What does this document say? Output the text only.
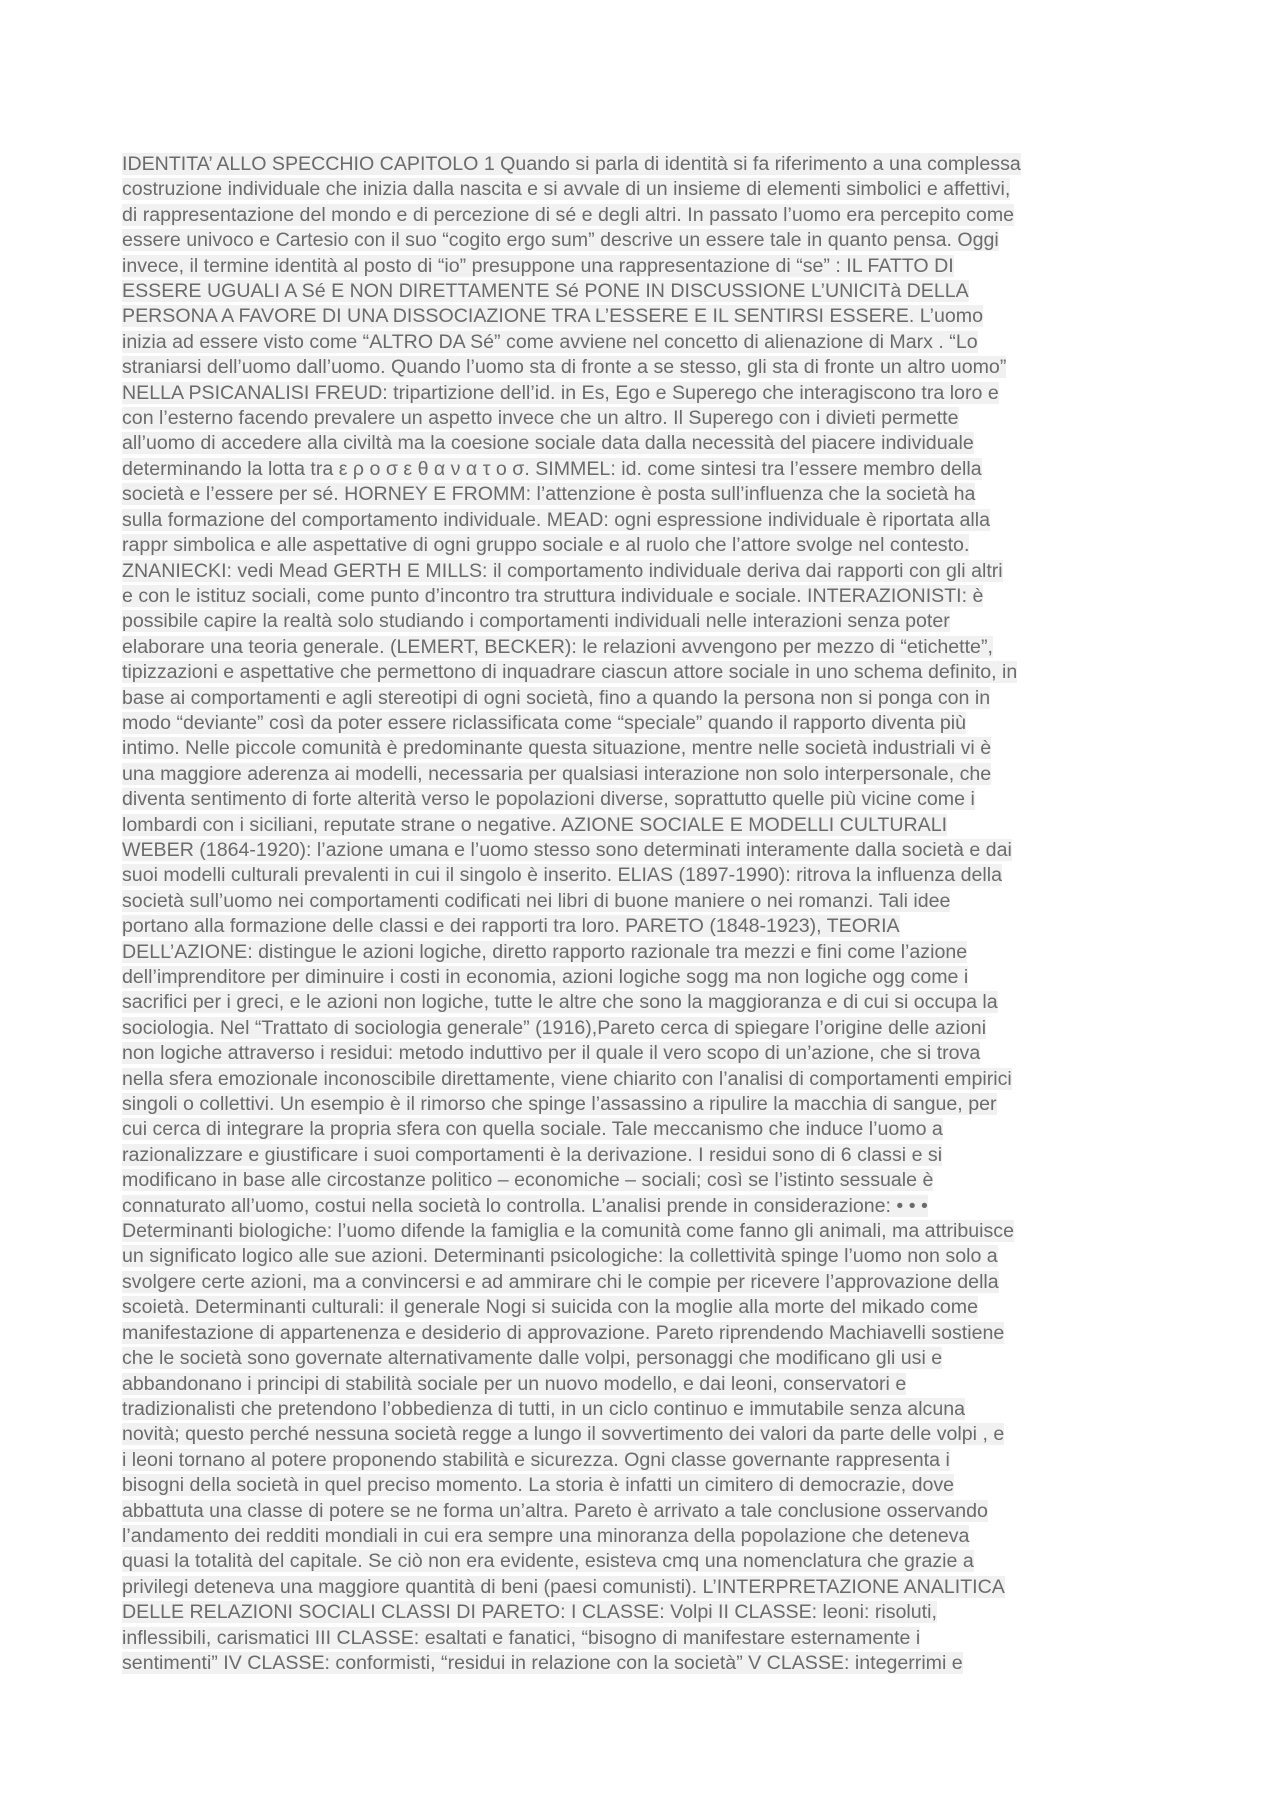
IDENTITA’ ALLO SPECCHIO CAPITOLO 1 Quando si parla di identità si fa riferimento a una complessa
costruzione individuale che inizia dalla nascita e si avvale di un insieme di elementi simbolici e affettivi,
di rappresentazione del mondo e di percezione di sé e degli altri. In passato l’uomo era percepito come
essere univoco e Cartesio con il suo “cogito ergo sum” descrive un essere tale in quanto pensa. Oggi
invece, il termine identità al posto di “io” presuppone una rappresentazione di “se” : IL FATTO DI
ESSERE UGUALI A Sé E NON DIRETTAMENTE Sé PONE IN DISCUSSIONE L’UNICITà DELLA
PERSONA A FAVORE DI UNA DISSOCIAZIONE TRA L’ESSERE E IL SENTIRSI ESSERE. L’uomo
inizia ad essere visto come “ALTRO DA Sé” come avviene nel concetto di alienazione di Marx . “Lo
straniarsi dell’uomo dall’uomo. Quando l’uomo sta di fronte a se stesso, gli sta di fronte un altro uomo”
NELLA PSICANALISI FREUD: tripartizione dell’id. in Es, Ego e Superego che interagiscono tra loro e
con l’esterno facendo prevalere un aspetto invece che un altro. Il Superego con i divieti permette
all’uomo di accedere alla civiltà ma la coesione sociale data dalla necessità del piacere individuale
determinando la lotta tra ε ρ ο σ ε θ α ν α τ ο σ. SIMMEL: id. come sintesi tra l’essere membro della
società e l’essere per sé. HORNEY E FROMM: l’attenzione è posta sull’influenza che la società ha
sulla formazione del comportamento individuale. MEAD: ogni espressione individuale è riportata alla
rappr simbolica e alle aspettative di ogni gruppo sociale e al ruolo che l’attore svolge nel contesto.
ZNANIECKI: vedi Mead GERTH E MILLS: il comportamento individuale deriva dai rapporti con gli altri
e con le istituz sociali, come punto d’incontro tra struttura individuale e sociale. INTERAZIONISTI: è
possibile capire la realtà solo studiando i comportamenti individuali nelle interazioni senza poter
elaborare una teoria generale. (LEMERT, BECKER): le relazioni avvengono per mezzo di “etichette”,
tipizzazioni e aspettative che permettono di inquadrare ciascun attore sociale in uno schema definito, in
base ai comportamenti e agli stereotipi di ogni società, fino a quando la persona non si ponga con in
modo “deviante” così da poter essere riclassificata come “speciale” quando il rapporto diventa più
intimo. Nelle piccole comunità è predominante questa situazione, mentre nelle società industriali vi è
una maggiore aderenza ai modelli, necessaria per qualsiasi interazione non solo interpersonale, che
diventa sentimento di forte alterità verso le popolazioni diverse, soprattutto quelle più vicine come i
lombardi con i siciliani, reputate strane o negative. AZIONE SOCIALE E MODELLI CULTURALI
WEBER (1864-1920): l’azione umana e l’uomo stesso sono determinati interamente dalla società e dai
suoi modelli culturali prevalenti in cui il singolo è inserito. ELIAS (1897-1990): ritrova la influenza della
società sull’uomo nei comportamenti codificati nei libri di buone maniere o nei romanzi. Tali idee
portano alla formazione delle classi e dei rapporti tra loro. PARETO (1848-1923), TEORIA
DELL’AZIONE: distingue le azioni logiche, diretto rapporto razionale tra mezzi e fini come l’azione
dell’imprenditore per diminuire i costi in economia, azioni logiche sogg ma non logiche ogg come i
sacrifici per i greci, e le azioni non logiche, tutte le altre che sono la maggioranza e di cui si occupa la
sociologia. Nel “Trattato di sociologia generale” (1916),Pareto cerca di spiegare l’origine delle azioni
non logiche attraverso i residui: metodo induttivo per il quale il vero scopo di un’azione, che si trova
nella sfera emozionale inconoscibile direttamente, viene chiarito con l’analisi di comportamenti empirici
singoli o collettivi. Un esempio è il rimorso che spinge l’assassino a ripulire la macchia di sangue, per
cui cerca di integrare la propria sfera con quella sociale. Tale meccanismo che induce l’uomo a
razionalizzare e giustificare i suoi comportamenti è la derivazione. I residui sono di 6 classi e si
modificano in base alle circostanze politico – economiche – sociali; così se l’istinto sessuale è
connaturato all’uomo, costui nella società lo controlla. L’analisi prende in considerazione: • • •
Determinanti biologiche: l’uomo difende la famiglia e la comunità come fanno gli animali, ma attribuisce
un significato logico alle sue azioni. Determinanti psicologiche: la collettività spinge l’uomo non solo a
svolgere certe azioni, ma a convincersi e ad ammirare chi le compie per ricevere l’approvazione della
scoietà. Determinanti culturali: il generale Nogi si suicida con la moglie alla morte del mikado come
manifestazione di appartenenza e desiderio di approvazione. Pareto riprendendo Machiavelli sostiene
che le società sono governate alternativamente dalle volpi, personaggi che modificano gli usi e
abbandonano i principi di stabilità sociale per un nuovo modello, e dai leoni, conservatori e
tradizionalisti che pretendono l’obbedienza di tutti, in un ciclo continuo e immutabile senza alcuna
novità; questo perché nessuna società regge a lungo il sovvertimento dei valori da parte delle volpi , e
i leoni tornano al potere proponendo stabilità e sicurezza. Ogni classe governante rappresenta i
bisogni della società in quel preciso momento. La storia è infatti un cimitero di democrazie, dove
abbattuta una classe di potere se ne forma un’altra. Pareto è arrivato a tale conclusione osservando
l’andamento dei redditi mondiali in cui era sempre una minoranza della popolazione che deteneva
quasi la totalità del capitale. Se ciò non era evidente, esisteva cmq una nomenclatura che grazie a
privilegi deteneva una maggiore quantità di beni (paesi comunisti). L’INTERPRETAZIONE ANALITICA
DELLE RELAZIONI SOCIALI CLASSI DI PARETO: I CLASSE: Volpi II CLASSE: leoni: risoluti,
inflessibili, carismatici III CLASSE: esaltati e fanatici, “bisogno di manifestare esternamente i
sentimenti” IV CLASSE: conformisti, “residui in relazione con la società” V CLASSE: integerrimi e
